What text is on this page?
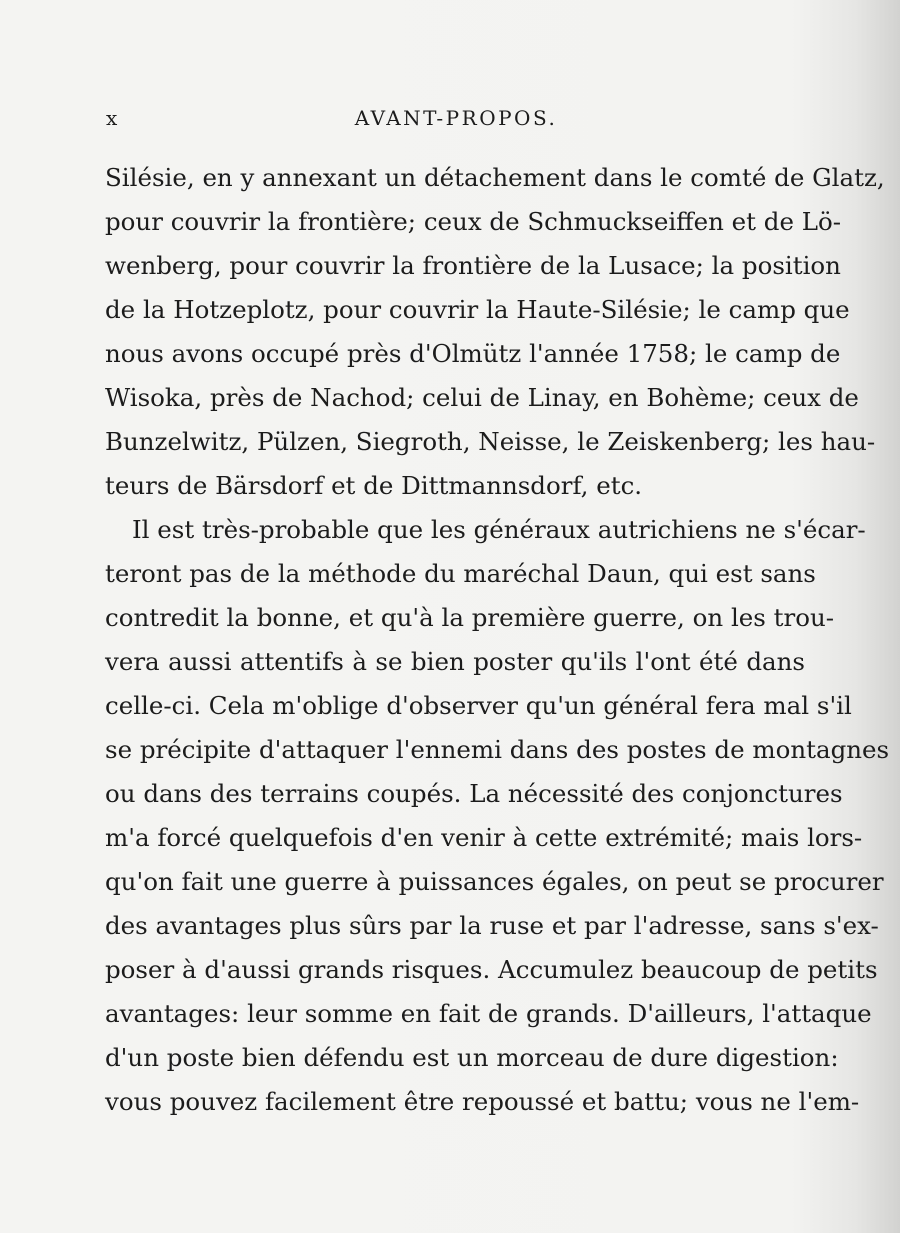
x	AVANT-PROPOS.
Silésie, en y annexant un détachement dans le comté de Glatz,
pour couvrir la frontière; ceux de Schmuckseiffen et de Lö-
wenberg, pour couvrir la frontière de la Lusace; la position
de la Hotzeplotz, pour couvrir la Haute-Silésie; le camp que
nous avons occupé près d'Olmütz l'année 1758; le camp de
Wisoka, près de Nachod; celui de Linay, en Bohème; ceux de
Bunzelwitz, Pülzen, Siegroth, Neisse, le Zeiskenberg; les hau-
teurs de Bärsdorf et de Dittmannsdorf, etc.
Il est très-probable que les généraux autrichiens ne s'écar-
teront pas de la méthode du maréchal Daun, qui est sans
contredit la bonne, et qu'à la première guerre, on les trou-
vera aussi attentifs à se bien poster qu'ils l'ont été dans
celle-ci. Cela m'oblige d'observer qu'un général fera mal s'il
se précipite d'attaquer l'ennemi dans des postes de montagnes
ou dans des terrains coupés. La nécessité des conjonctures
m'a forcé quelquefois d'en venir à cette extrémité; mais lors-
qu'on fait une guerre à puissances égales, on peut se procurer
des avantages plus sûrs par la ruse et par l'adresse, sans s'ex-
poser à d'aussi grands risques. Accumulez beaucoup de petits
avantages: leur somme en fait de grands. D'ailleurs, l'attaque
d'un poste bien défendu est un morceau de dure digestion:
vous pouvez facilement être repoussé et battu; vous ne l'em-
